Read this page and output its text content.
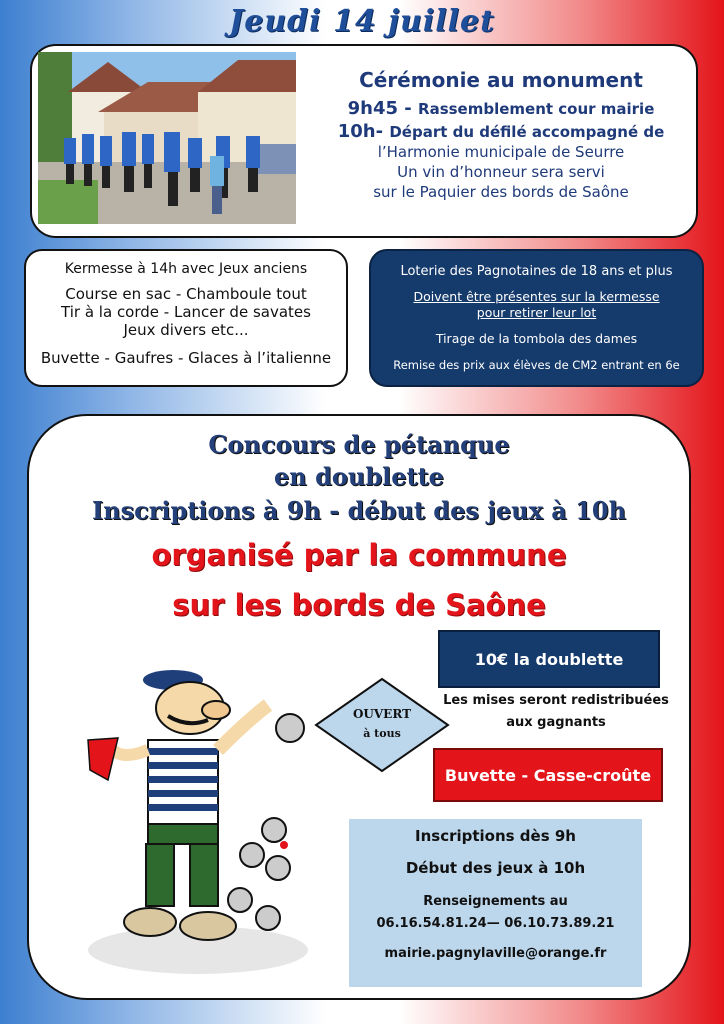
Jeudi 14 juillet
Cérémonie au monument
9h45 - Rassemblement cour mairie
10h- Départ du défilé accompagné de
l’Harmonie municipale de Seurre
Un vin d’honneur sera servi
sur le Paquier des bords de Saône
Kermesse à 14h avec Jeux anciens
Course en sac - Chamboule tout
Tir à la corde - Lancer de savates
Jeux divers etc...
Buvette - Gaufres - Glaces à l’italienne
Loterie des Pagnotaines de 18 ans et plus
Doivent être présentes sur la kermesse
pour retirer leur lot
Tirage de la tombola des dames
Remise des prix aux élèves de CM2 entrant en 6e
Concours de pétanque
en doublette
Inscriptions à 9h - début des jeux à 10h
organisé par la commune
sur les bords de Saône
OUVERT
à tous
10€ la doublette
Les mises seront redistribuées
aux gagnants
Buvette - Casse-croûte
Inscriptions dès 9h
Début des jeux à 10h
Renseignements au
06.16.54.81.24— 06.10.73.89.21
mairie.pagnylaville@orange.fr
